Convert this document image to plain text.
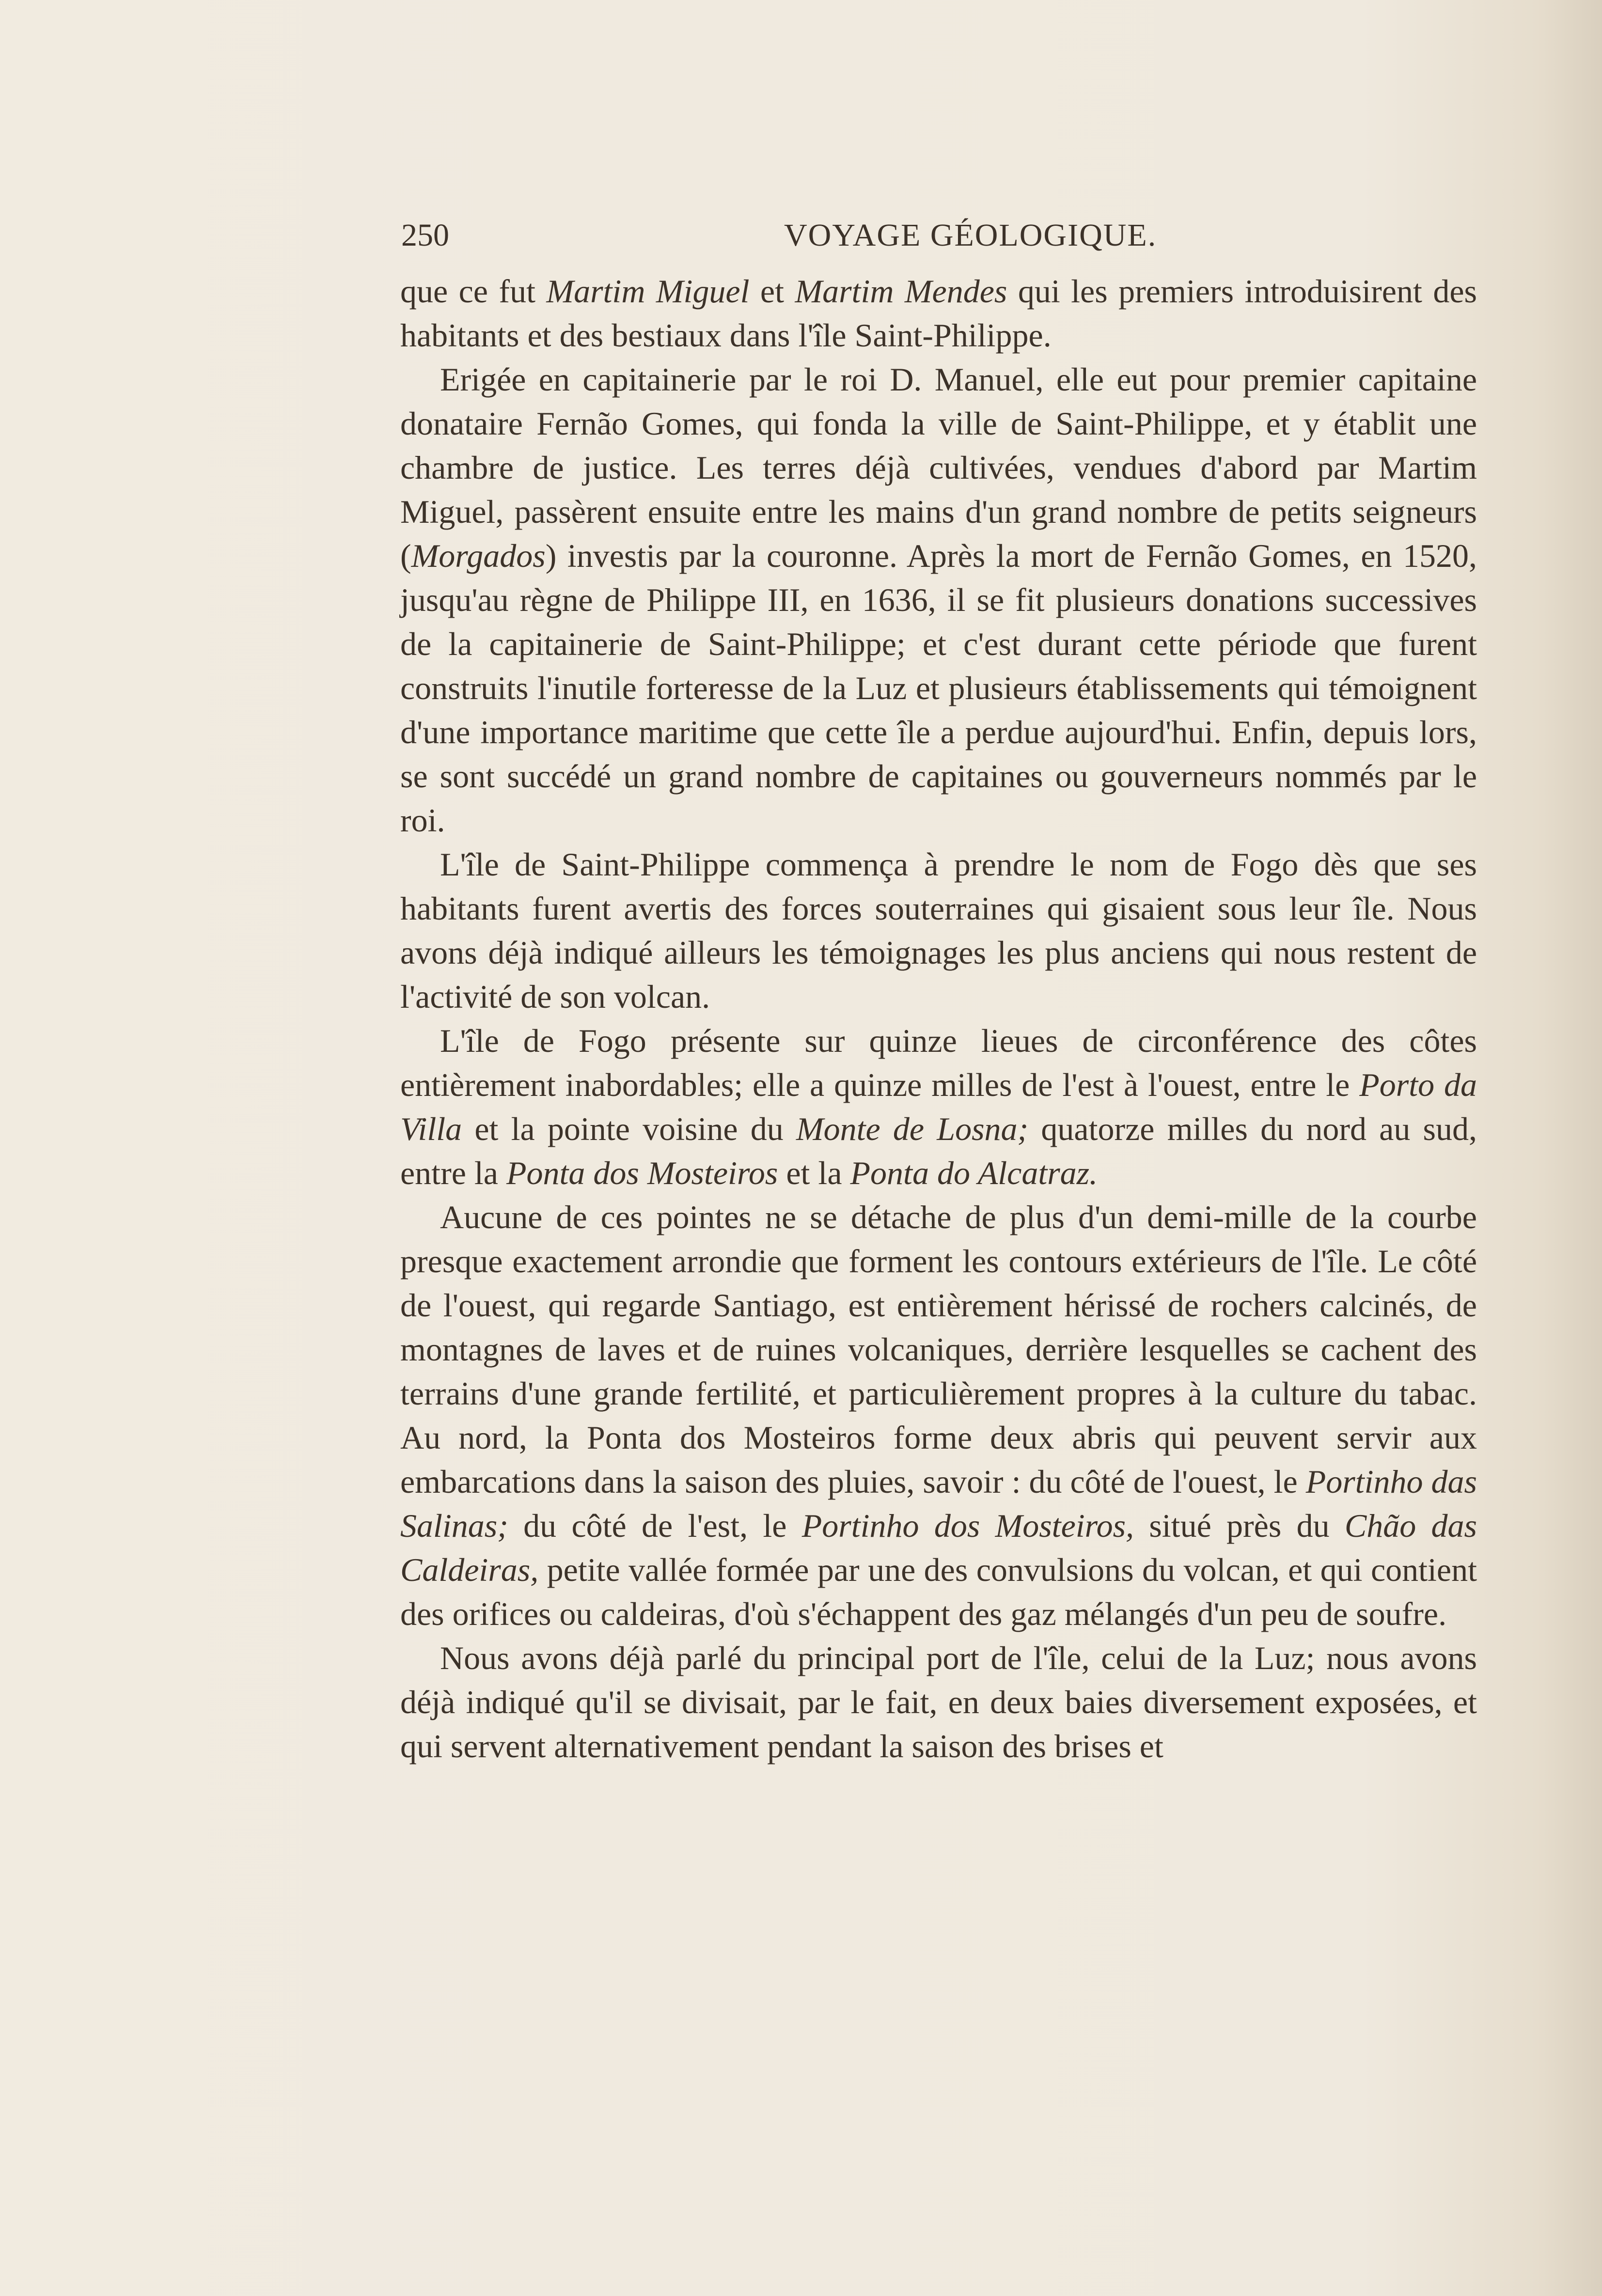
250	VOYAGE GÉOLOGIQUE.

que ce fut Martim Miguel et Martim Mendes qui les premiers introduisirent des habitants et des bestiaux dans l'île Saint-Philippe.

Erigée en capitainerie par le roi D. Manuel, elle eut pour premier capitaine donataire Fernão Gomes, qui fonda la ville de Saint-Philippe, et y établit une chambre de justice. Les terres déjà cultivées, vendues d'abord par Martim Miguel, passèrent ensuite entre les mains d'un grand nombre de petits seigneurs (Morgados) investis par la couronne. Après la mort de Fernão Gomes, en 1520, jusqu'au règne de Philippe III, en 1636, il se fit plusieurs donations successives de la capitainerie de Saint-Philippe; et c'est durant cette période que furent construits l'inutile forteresse de la Luz et plusieurs établissements qui témoignent d'une importance maritime que cette île a perdue aujourd'hui. Enfin, depuis lors, se sont succédé un grand nombre de capitaines ou gouverneurs nommés par le roi.

L'île de Saint-Philippe commença à prendre le nom de Fogo dès que ses habitants furent avertis des forces souterraines qui gisaient sous leur île. Nous avons déjà indiqué ailleurs les témoignages les plus anciens qui nous restent de l'activité de son volcan.

L'île de Fogo présente sur quinze lieues de circonférence des côtes entièrement inabordables; elle a quinze milles de l'est à l'ouest, entre le Porto da Villa et la pointe voisine du Monte de Losna; quatorze milles du nord au sud, entre la Ponta dos Mosteiros et la Ponta do Alcatraz.

Aucune de ces pointes ne se détache de plus d'un demi-mille de la courbe presque exactement arrondie que forment les contours extérieurs de l'île. Le côté de l'ouest, qui regarde Santiago, est entièrement hérissé de rochers calcinés, de montagnes de laves et de ruines volcaniques, derrière lesquelles se cachent des terrains d'une grande fertilité, et particulièrement propres à la culture du tabac. Au nord, la Ponta dos Mosteiros forme deux abris qui peuvent servir aux embarcations dans la saison des pluies, savoir : du côté de l'ouest, le Portinho das Salinas; du côté de l'est, le Portinho dos Mosteiros, situé près du Chão das Caldeiras, petite vallée formée par une des convulsions du volcan, et qui contient des orifices ou caldeiras, d'où s'échappent des gaz mélangés d'un peu de soufre.

Nous avons déjà parlé du principal port de l'île, celui de la Luz; nous avons déjà indiqué qu'il se divisait, par le fait, en deux baies diversement exposées, et qui servent alternativement pendant la saison des brises et
